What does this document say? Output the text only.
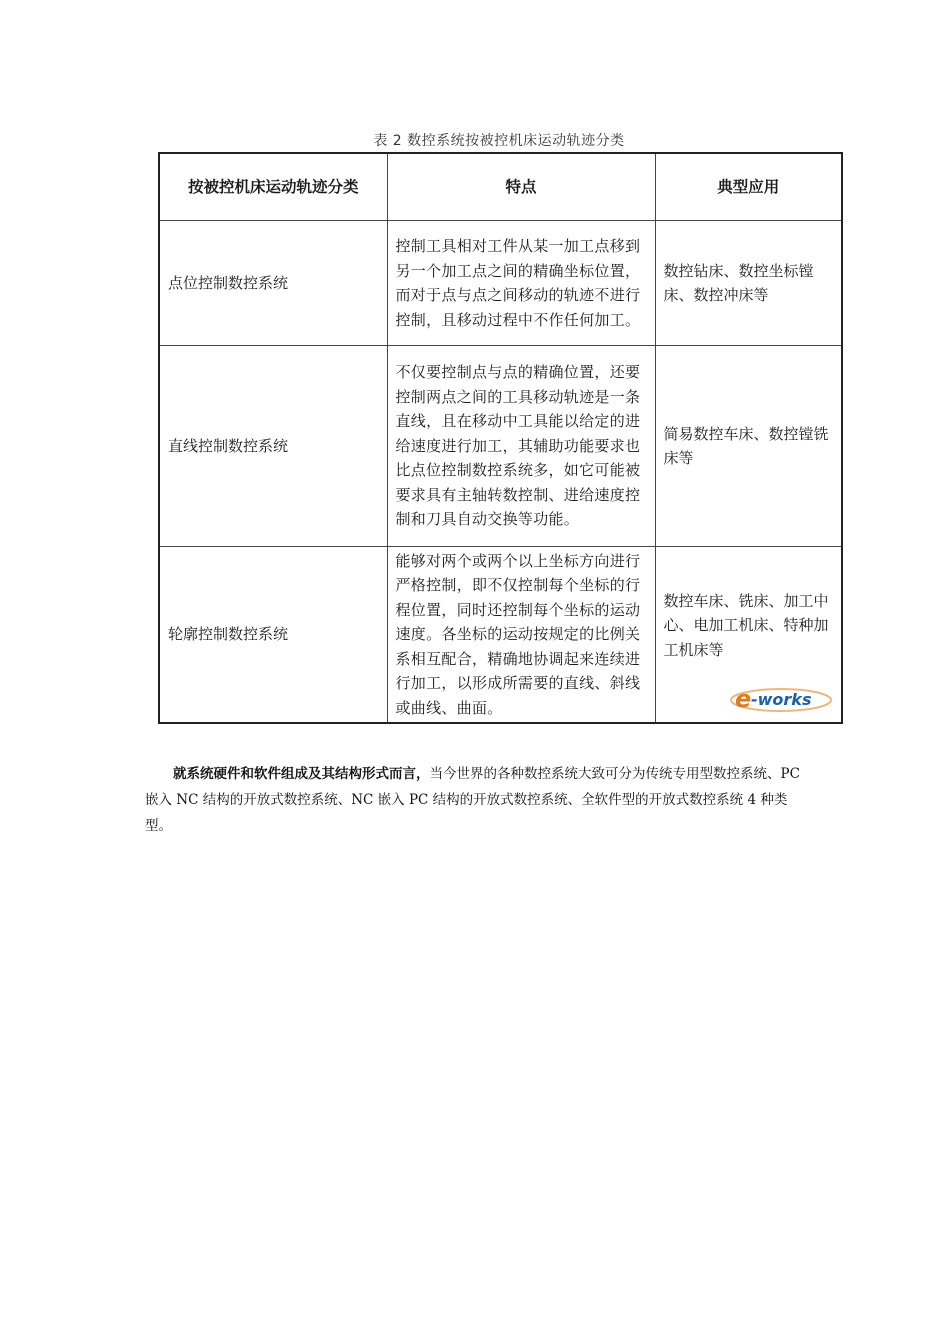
表 2 数控系统按被控机床运动轨迹分类
按被控机床运动轨迹分类	特点	典型应用
点位控制数控系统	控制工具相对工件从某一加工点移到另一个加工点之间的精确坐标位置，而对于点与点之间移动的轨迹不进行控制，且移动过程中不作任何加工。	数控钻床、数控坐标镗床、数控冲床等
直线控制数控系统	不仅要控制点与点的精确位置，还要控制两点之间的工具移动轨迹是一条直线，且在移动中工具能以给定的进给速度进行加工，其辅助功能要求也比点位控制数控系统多，如它可能被要求具有主轴转数控制、进给速度控制和刀具自动交换等功能。	简易数控车床、数控镗铣床等
轮廓控制数控系统	能够对两个或两个以上坐标方向进行严格控制，即不仅控制每个坐标的行程位置，同时还控制每个坐标的运动速度。各坐标的运动按规定的比例关系相互配合，精确地协调起来连续进行加工，以形成所需要的直线、斜线或曲线、曲面。	数控车床、铣床、加工中心、电加工机床、特种加工机床等
e -works
就系统硬件和软件组成及其结构形式而言，当今世界的各种数控系统大致可分为传统专用型数控系统、PC 嵌入 NC 结构的开放式数控系统、NC 嵌入 PC 结构的开放式数控系统、全软件型的开放式数控系统 4 种类型。
